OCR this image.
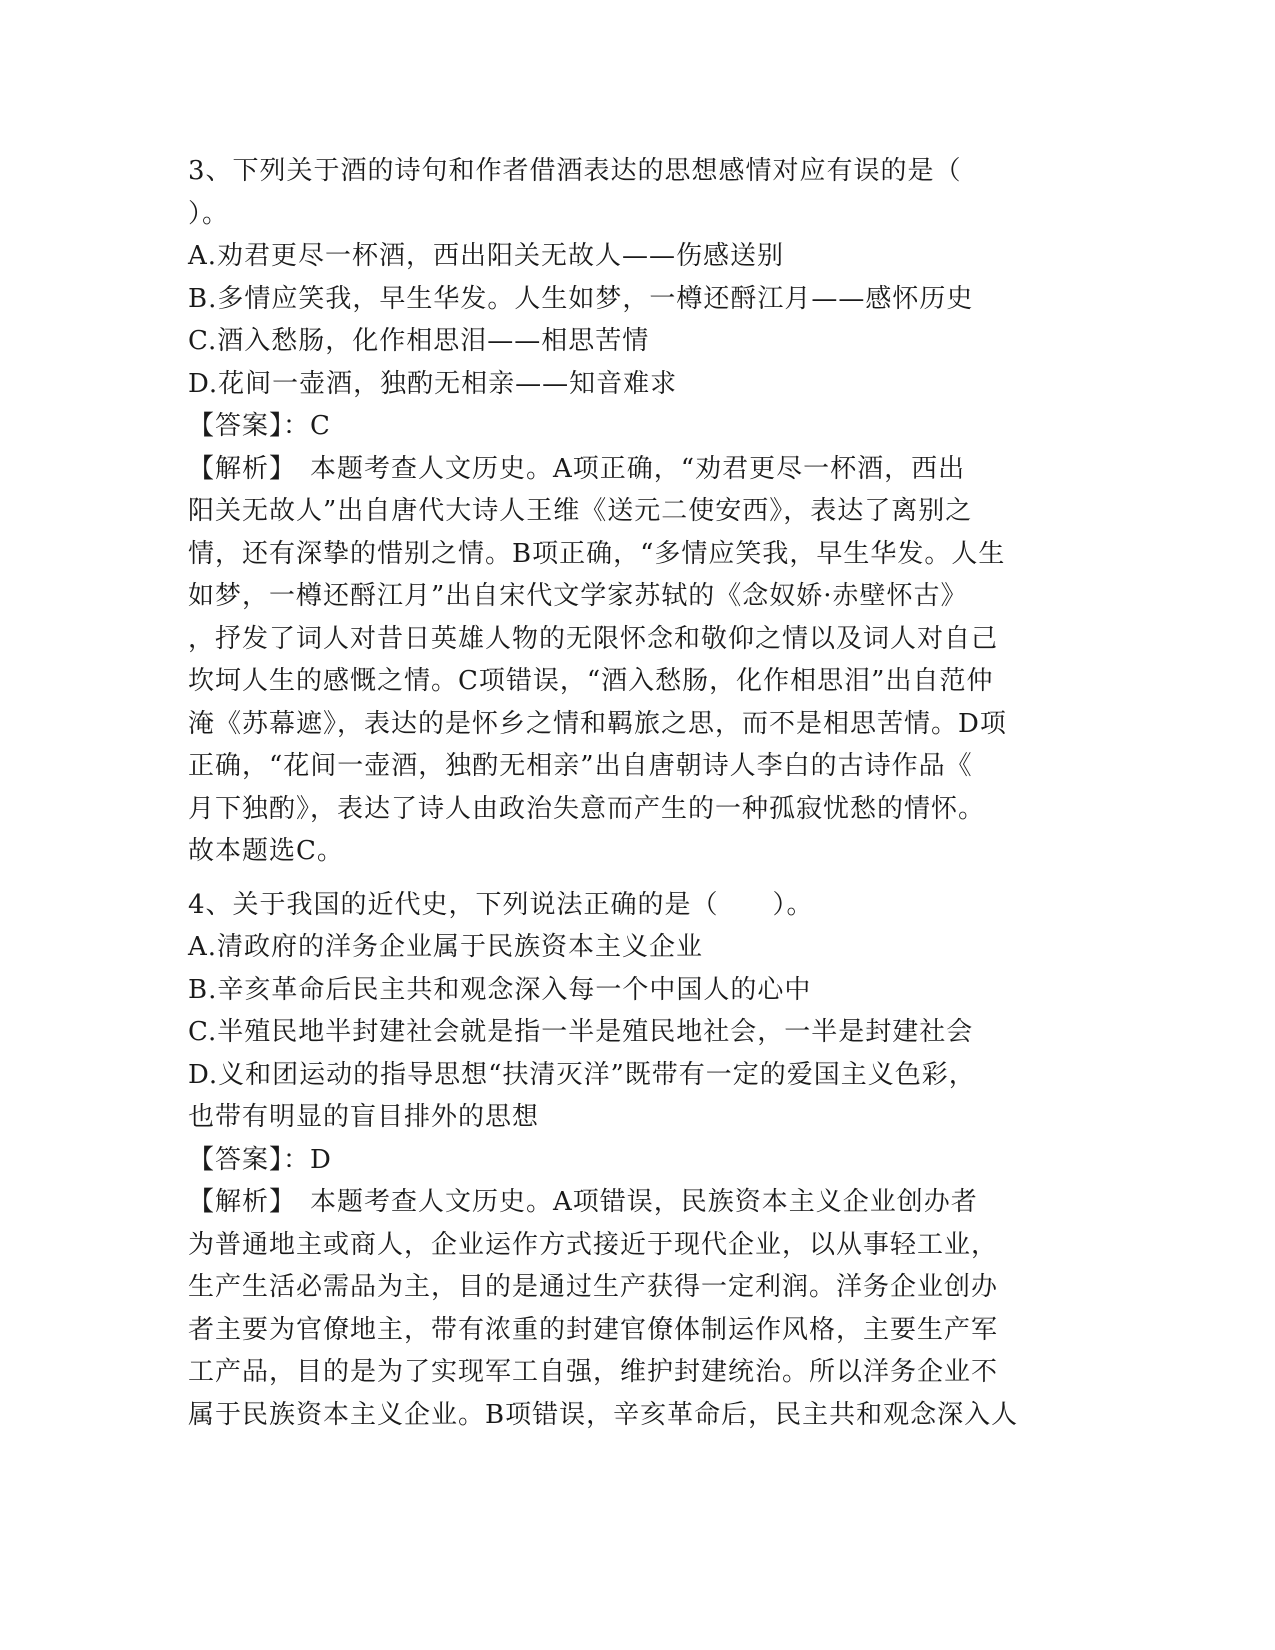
3、下列关于酒的诗句和作者借酒表达的思想感情对应有误的是（
）。
A.劝君更尽一杯酒，西出阳关无故人——伤感送别
B.多情应笑我，早生华发。人生如梦，一樽还酹江月——感怀历史
C.酒入愁肠，化作相思泪——相思苦情
D.花间一壶酒，独酌无相亲——知音难求
【答案】：C
【解析】　本题考查人文历史。A项正确，“劝君更尽一杯酒，西出
阳关无故人”出自唐代大诗人王维《送元二使安西》，表达了离别之
情，还有深挚的惜别之情。B项正确，“多情应笑我，早生华发。人生
如梦，一樽还酹江月”出自宋代文学家苏轼的《念奴娇·赤壁怀古》
，抒发了词人对昔日英雄人物的无限怀念和敬仰之情以及词人对自己
坎坷人生的感慨之情。C项错误，“酒入愁肠，化作相思泪”出自范仲
淹《苏幕遮》，表达的是怀乡之情和羁旅之思，而不是相思苦情。D项
正确，“花间一壶酒，独酌无相亲”出自唐朝诗人李白的古诗作品《
月下独酌》，表达了诗人由政治失意而产生的一种孤寂忧愁的情怀。
故本题选C。
4、关于我国的近代史，下列说法正确的是（　　）。
A.清政府的洋务企业属于民族资本主义企业
B.辛亥革命后民主共和观念深入每一个中国人的心中
C.半殖民地半封建社会就是指一半是殖民地社会，一半是封建社会
D.义和团运动的指导思想“扶清灭洋”既带有一定的爱国主义色彩，
也带有明显的盲目排外的思想
【答案】：D
【解析】　本题考查人文历史。A项错误，民族资本主义企业创办者
为普通地主或商人，企业运作方式接近于现代企业，以从事轻工业，
生产生活必需品为主，目的是通过生产获得一定利润。洋务企业创办
者主要为官僚地主，带有浓重的封建官僚体制运作风格，主要生产军
工产品，目的是为了实现军工自强，维护封建统治。所以洋务企业不
属于民族资本主义企业。B项错误，辛亥革命后，民主共和观念深入人
